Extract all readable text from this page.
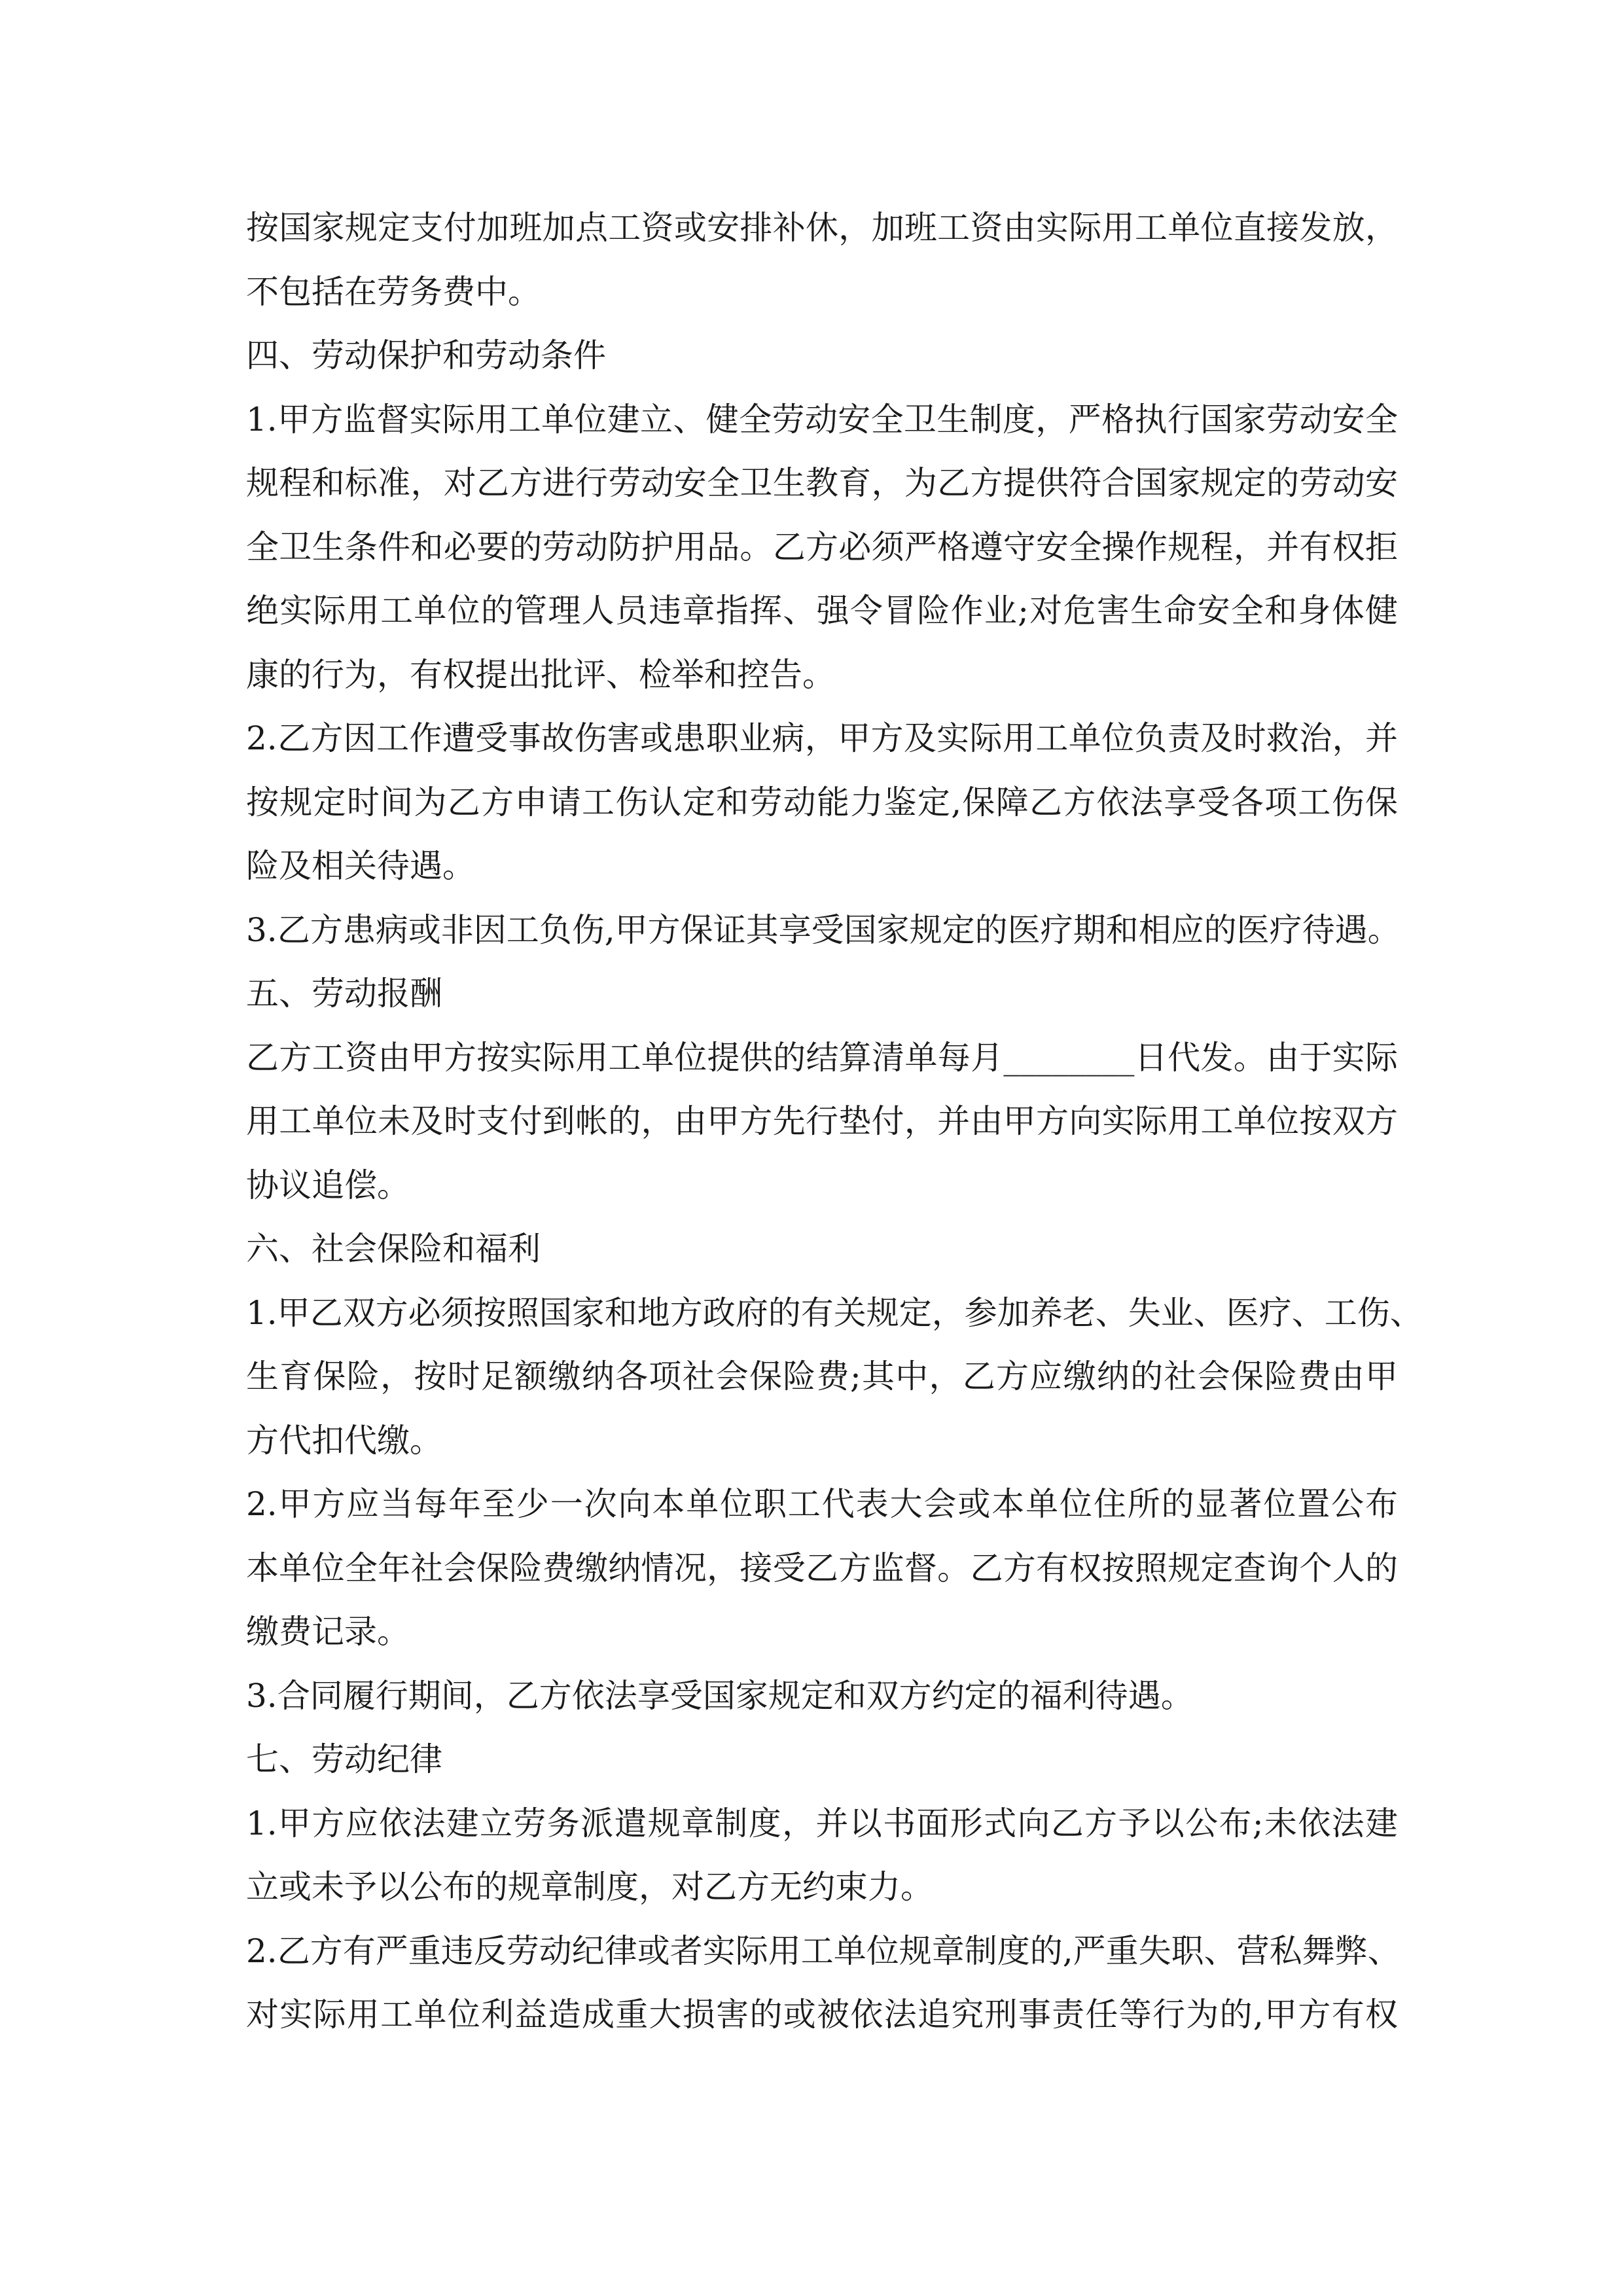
按国家规定支付加班加点工资或安排补休，加班工资由实际用工单位直接发放，
不包括在劳务费中。
四、劳动保护和劳动条件
1.甲方监督实际用工单位建立、健全劳动安全卫生制度，严格执行国家劳动安全
规程和标准，对乙方进行劳动安全卫生教育，为乙方提供符合国家规定的劳动安
全卫生条件和必要的劳动防护用品。乙方必须严格遵守安全操作规程，并有权拒
绝实际用工单位的管理人员违章指挥、强令冒险作业;对危害生命安全和身体健
康的行为，有权提出批评、检举和控告。
2.乙方因工作遭受事故伤害或患职业病，甲方及实际用工单位负责及时救治，并
按规定时间为乙方申请工伤认定和劳动能力鉴定,保障乙方依法享受各项工伤保
险及相关待遇。
3.乙方患病或非因工负伤,甲方保证其享受国家规定的医疗期和相应的医疗待遇。
五、劳动报酬
乙方工资由甲方按实际用工单位提供的结算清单每月________日代发。由于实际
用工单位未及时支付到帐的，由甲方先行垫付，并由甲方向实际用工单位按双方
协议追偿。
六、社会保险和福利
1.甲乙双方必须按照国家和地方政府的有关规定，参加养老、失业、医疗、工伤、
生育保险，按时足额缴纳各项社会保险费;其中，乙方应缴纳的社会保险费由甲
方代扣代缴。
2.甲方应当每年至少一次向本单位职工代表大会或本单位住所的显著位置公布
本单位全年社会保险费缴纳情况，接受乙方监督。乙方有权按照规定查询个人的
缴费记录。
3.合同履行期间，乙方依法享受国家规定和双方约定的福利待遇。
七、劳动纪律
1.甲方应依法建立劳务派遣规章制度，并以书面形式向乙方予以公布;未依法建
立或未予以公布的规章制度，对乙方无约束力。
2.乙方有严重违反劳动纪律或者实际用工单位规章制度的,严重失职、营私舞弊、
对实际用工单位利益造成重大损害的或被依法追究刑事责任等行为的,甲方有权
